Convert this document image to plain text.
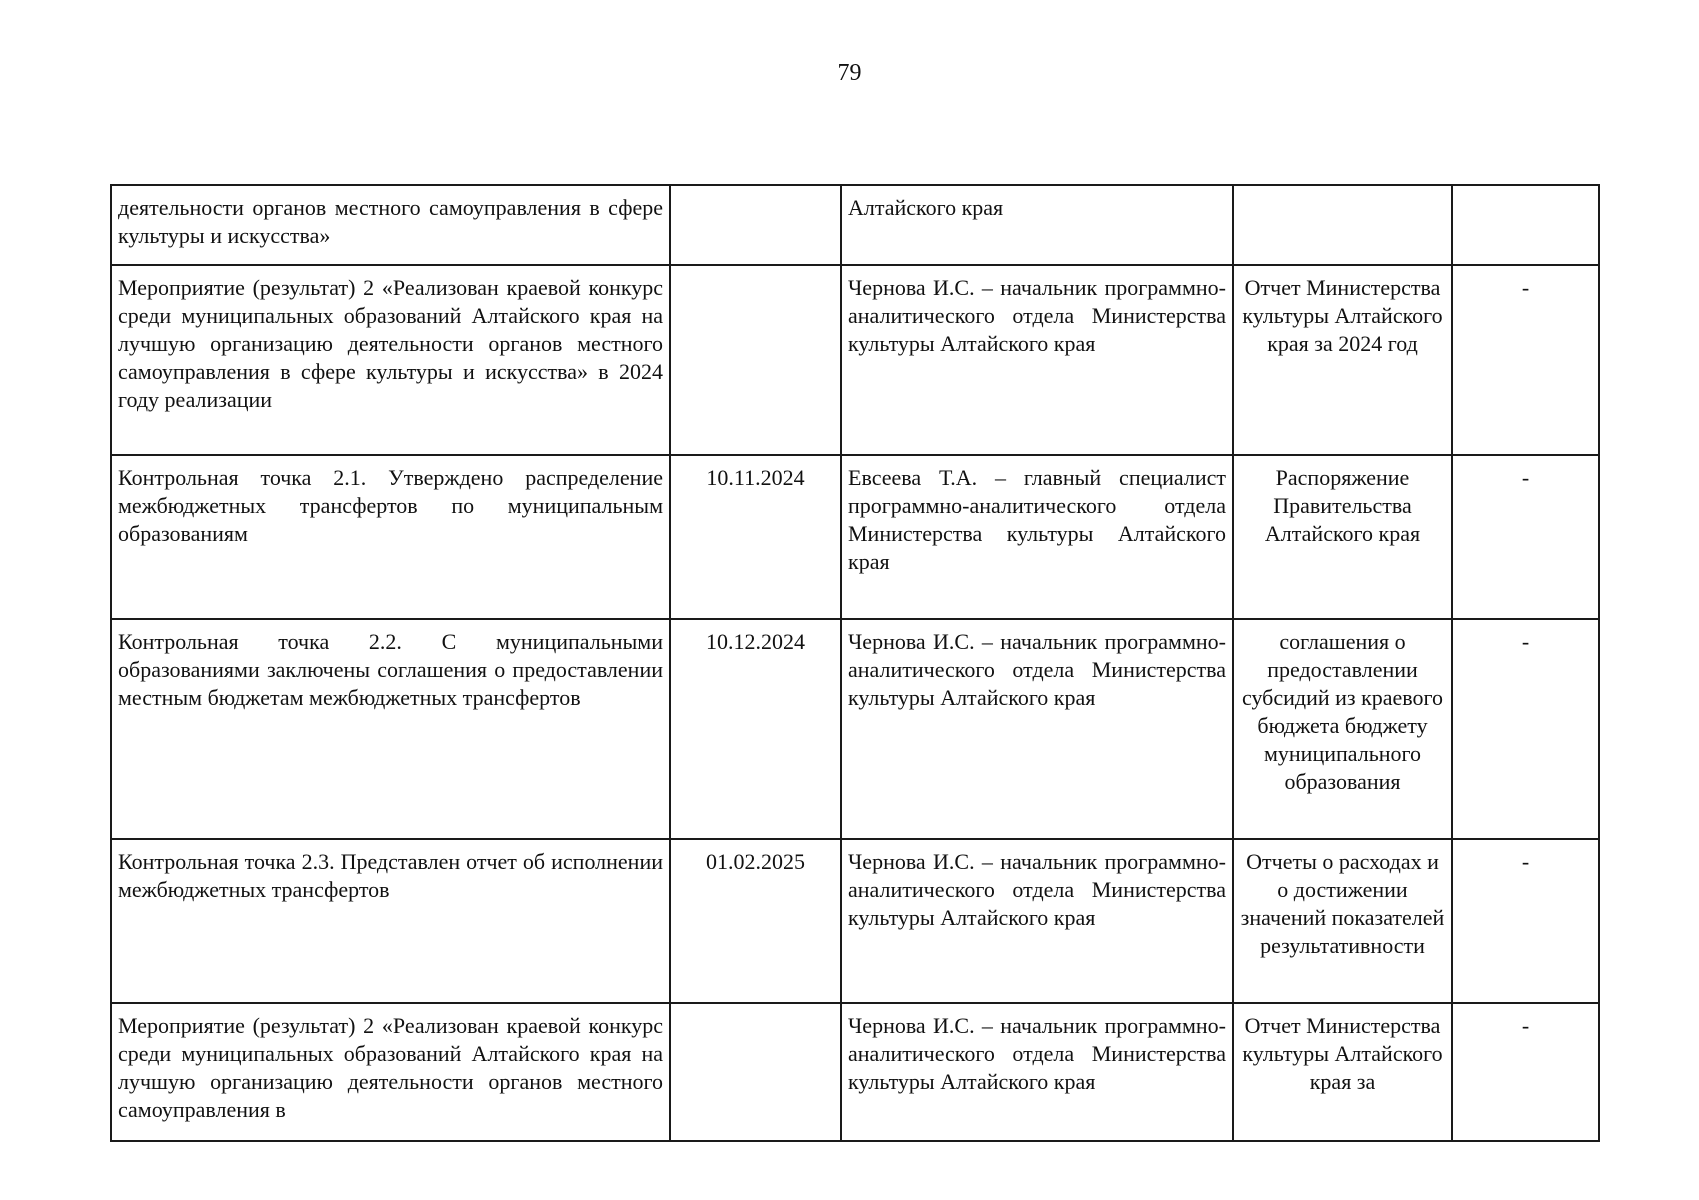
79
деятельности органов местного самоуправления в сфере культуры и искусства»		Алтайского края		
Мероприятие (результат) 2 «Реализован краевой конкурс среди муниципальных образований Алтайского края на лучшую организацию деятельности органов местного самоуправления в сфере культуры и искусства» в 2024 году реализации		Чернова И.С. – начальник программно-аналитического отдела Министерства культуры Алтайского края	Отчет Министерства культуры Алтайского края за 2024 год	-
Контрольная точка 2.1. Утверждено распределение межбюджетных трансфертов по муниципальным образованиям	10.11.2024	Евсеева Т.А. – главный специалист программно-аналитического отдела Министерства культуры Алтайского края	Распоряжение Правительства Алтайского края	-
Контрольная точка 2.2. С муниципальными образованиями заключены соглашения о предоставлении местным бюджетам межбюджетных трансфертов	10.12.2024	Чернова И.С. – начальник программно-аналитического отдела Министерства культуры Алтайского края	соглашения о предоставлении субсидий из краевого бюджета бюджету муниципального образования	-
Контрольная точка 2.3. Представлен отчет об исполнении межбюджетных трансфертов	01.02.2025	Чернова И.С. – начальник программно-аналитического отдела Министерства культуры Алтайского края	Отчеты о расходах и о достижении значений показателей результативности	-
Мероприятие (результат) 2 «Реализован краевой конкурс среди муниципальных образований Алтайского края на лучшую организацию деятельности органов местного самоуправления в		Чернова И.С. – начальник программно-аналитического отдела Министерства культуры Алтайского края	Отчет Министерства культуры Алтайского края за	-
